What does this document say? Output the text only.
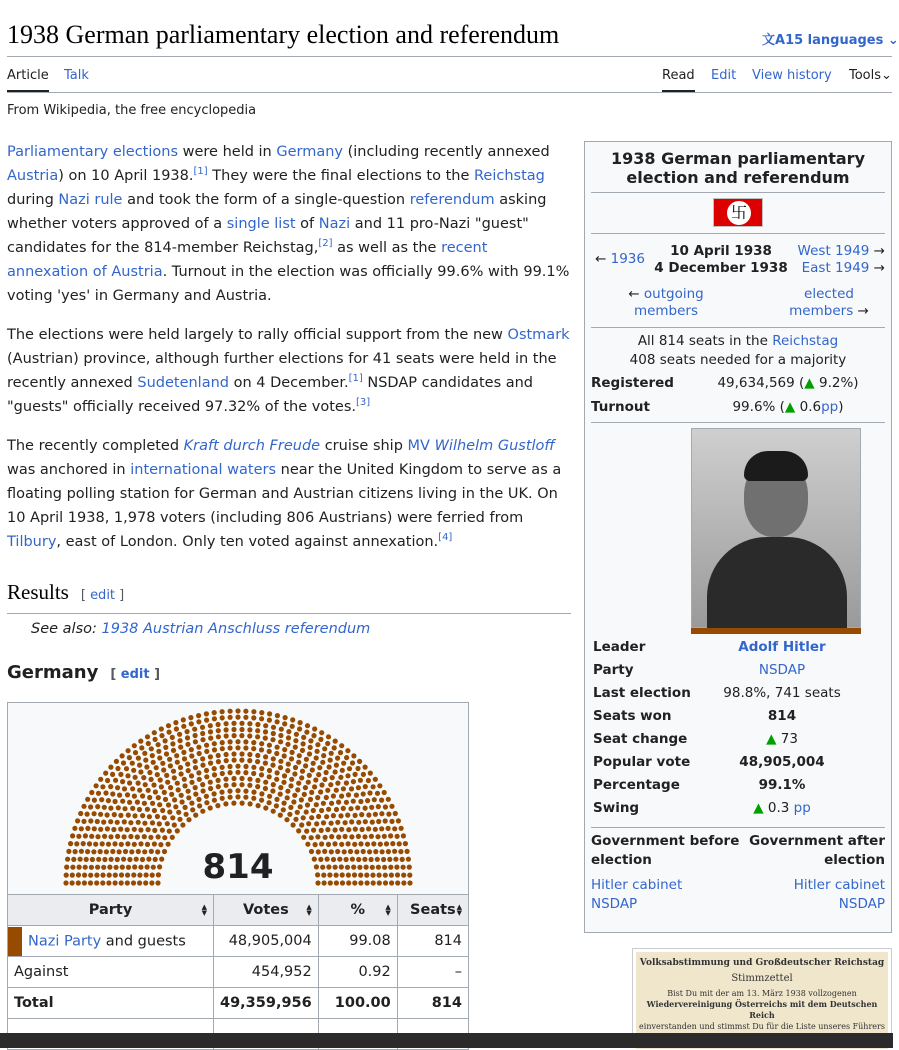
1938 German parliamentary election and referendum	文A15 languages ⌄
Article Talk	Read Edit View history Tools⌄
From Wikipedia, the free encyclopedia

Parliamentary elections were held in Germany (including recently annexed Austria) on 10 April 1938.[1] They were the final elections to the Reichstag during Nazi rule and took the form of a single-question referendum asking whether voters approved of a single list of Nazi and 11 pro-Nazi "guest" candidates for the 814-member Reichstag,[2] as well as the recent annexation of Austria. Turnout in the election was officially 99.6% with 99.1% voting 'yes' in Germany and Austria.

The elections were held largely to rally official support from the new Ostmark (Austrian) province, although further elections for 41 seats were held in the recently annexed Sudetenland on 4 December.[1] NSDAP candidates and "guests" officially received 97.32% of the votes.[3]

The recently completed Kraft durch Freude cruise ship MV Wilhelm Gustloff was anchored in international waters near the United Kingdom to serve as a floating polling station for German and Austrian citizens living in the UK. On 10 April 1938, 1,978 voters (including 806 Austrians) were ferried from Tilbury, east of London. Only ten voted against annexation.[4]

Results [ edit ]
See also: 1938 Austrian Anschluss referendum
Germany [ edit ]
814
Party ▲
▼	Votes ▲
▼	% ▲
▼	Seats ▲
▼

Nazi Party and guests	48,905,004	99.08	814
Against	454,952	0.92	–
Total	49,359,956	100.00	814

1938 German parliamentary election and referendum
卐
← 1936	10 April 1938
4 December 1938
West 1949 →
East 1949 →
← outgoing members
elected members →
All 814 seats in the Reichstag
408 seats needed for a majority
Registered	49,634,569 (▲ 9.2%)
Turnout	99.6% (▲ 0.6pp)
Leader	Adolf Hitler
Party	NSDAP
Last election	98.8%, 741 seats
Seats won	814
Seat change	▲ 73
Popular vote	48,905,004
Percentage	99.1%
Swing	▲ 0.3 pp
Government before election
Government after election
Hitler cabinet
NSDAP
Hitler cabinet
NSDAP
Volksabstimmung und Großdeutscher Reichstag
Stimmzettel
Bist Du mit der am 13. März 1938 vollzogenen
Wiedervereinigung Österreichs mit dem Deutschen Reich
einverstanden und stimmst Du für die Liste unseres Führers
